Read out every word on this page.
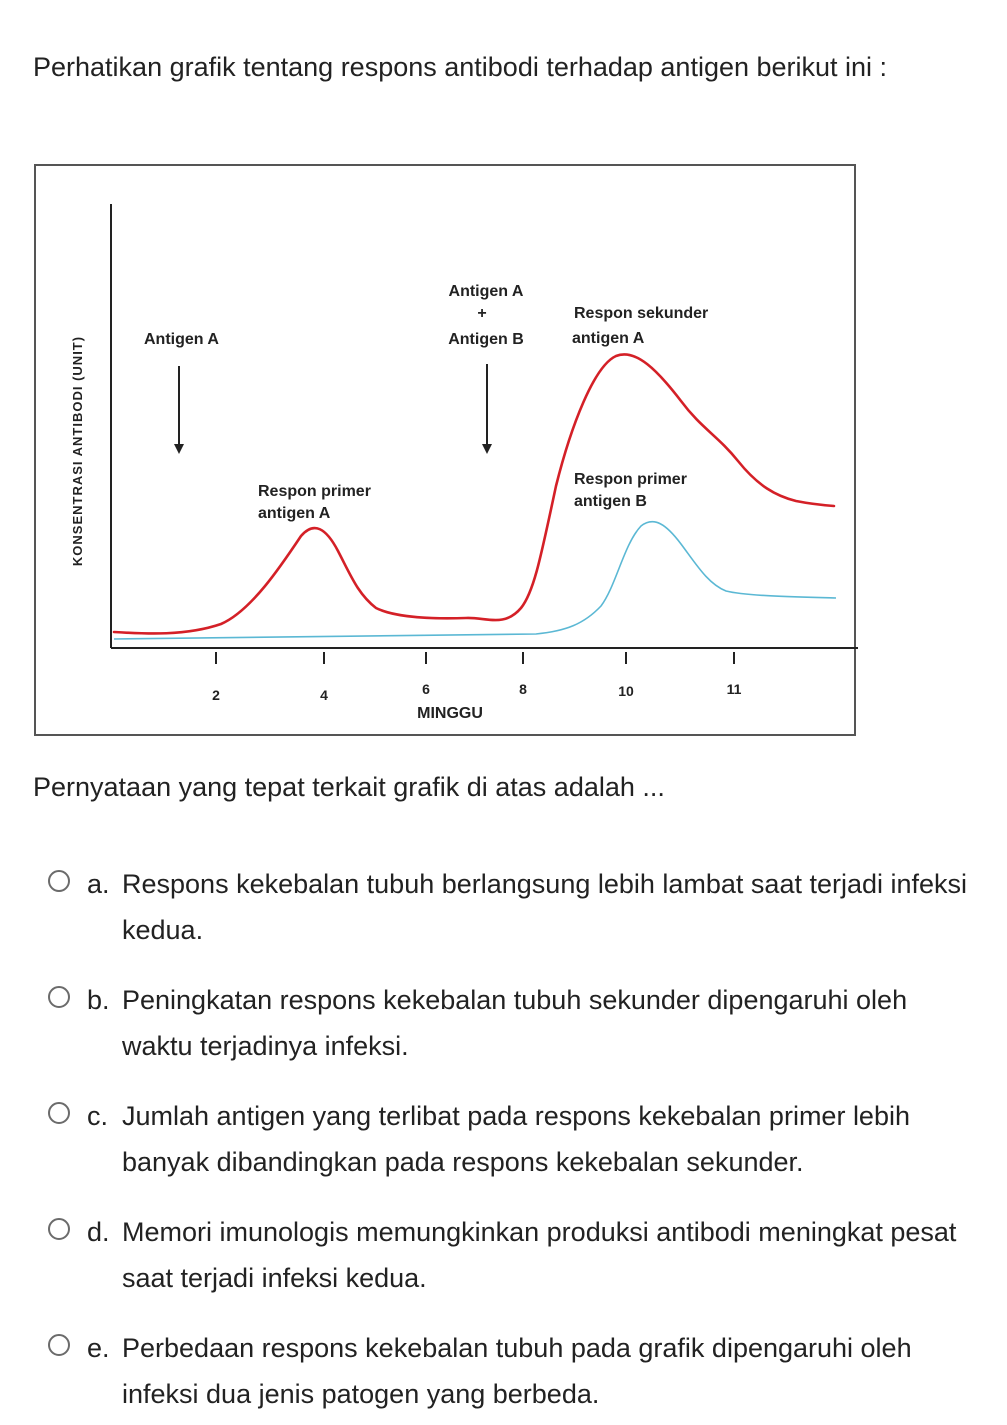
Perhatikan grafik tentang respons antibodi terhadap antigen berikut ini :

KONSENTRASI ANTIBODI (UNIT)
2	4	6	8	10	11
MINGGU
Antigen A
Antigen A
+
Antigen B
Respon primer
antigen A
Respon sekunder
antigen A
Respon primer
antigen B

Pernyataan yang tepat terkait grafik di atas adalah ...

a. Respons kekebalan tubuh berlangsung lebih lambat saat terjadi infeksi kedua.
b. Peningkatan respons kekebalan tubuh sekunder dipengaruhi oleh waktu terjadinya infeksi.
c. Jumlah antigen yang terlibat pada respons kekebalan primer lebih banyak dibandingkan pada respons kekebalan sekunder.
d. Memori imunologis memungkinkan produksi antibodi meningkat pesat saat terjadi infeksi kedua.
e. Perbedaan respons kekebalan tubuh pada grafik dipengaruhi oleh infeksi dua jenis patogen yang berbeda.
